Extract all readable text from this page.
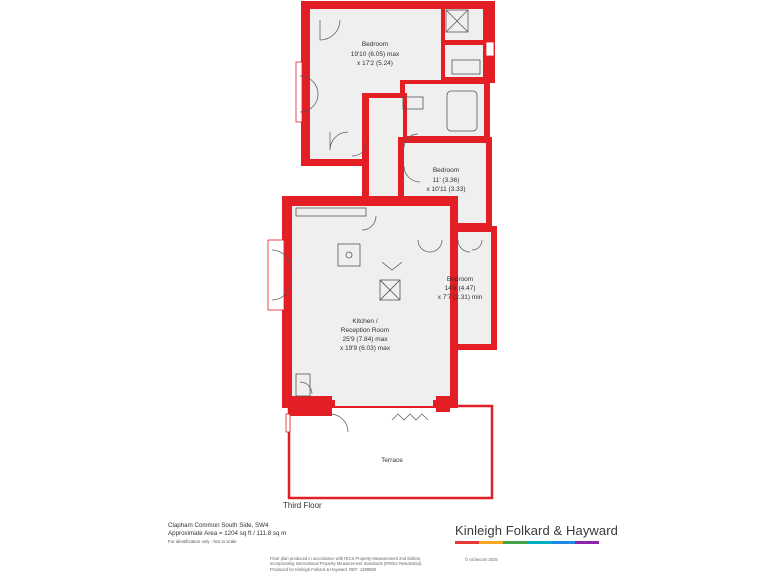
Bedroom
19'10 (6.05) max
x 17'2 (5.24)
Bedroom
11' (3.36)
x 10'11 (3.33)
Bedroom
14'8 (4.47)
x 7'7 (2.31) min
Kitchen /
Reception Room
25'9 (7.84) max
x 19'9 (6.03) max
Terrace
Third Floor
Clapham Common South Side, SW4
Approximate Area = 1204 sq ft / 111.8 sq m
For identification only - Not to scale
Kinleigh Folkard & Hayward
Floor plan produced in accordance with RICS Property Measurement 2nd Edition,
Incorporating International Property Measurement Standards (IPMS2 Residential).
Produced for Kinleigh Folkard & Hayward. REF: 1289850
© nichecom 2025
